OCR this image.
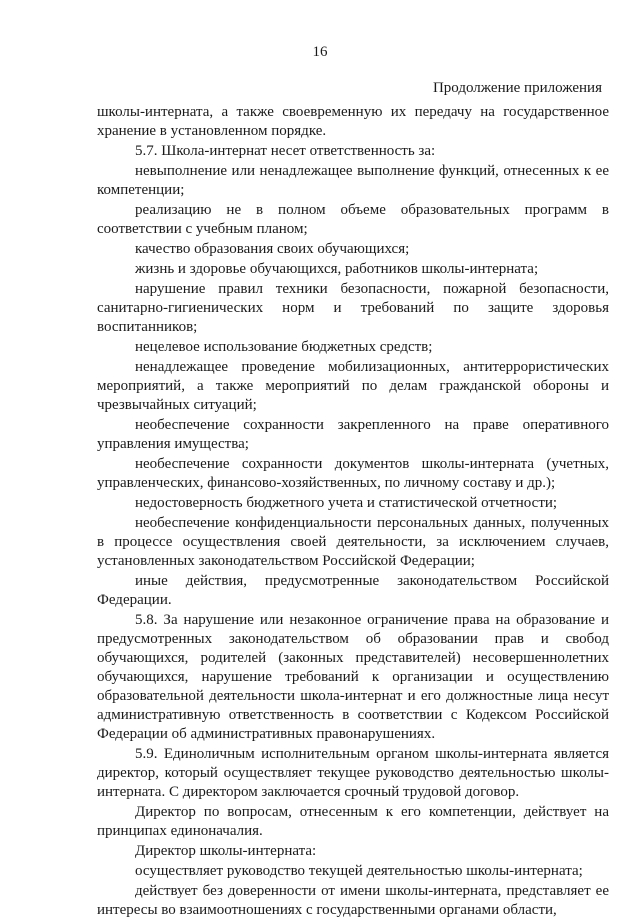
16
Продолжение приложения

школы-интерната, а также своевременную их передачу на государственное хранение в установленном порядке.

5.7. Школа-интернат несет ответственность за:

невыполнение или ненадлежащее выполнение функций, отнесенных к ее компетенции;

реализацию не в полном объеме образовательных программ в соответствии с учебным планом;

качество образования своих обучающихся;

жизнь и здоровье обучающихся, работников школы-интерната;

нарушение правил техники безопасности, пожарной безопасности, санитарно-гигиенических норм и требований по защите здоровья воспитанников;

нецелевое использование бюджетных средств;

ненадлежащее проведение мобилизационных, антитеррористических мероприятий, а также мероприятий по делам гражданской обороны и чрезвычайных ситуаций;

необеспечение сохранности закрепленного на праве оперативного управления имущества;

необеспечение сохранности документов школы-интерната (учетных, управленческих, финансово-хозяйственных, по личному составу и др.);

недостоверность бюджетного учета и статистической отчетности;

необеспечение конфиденциальности персональных данных, полученных в процессе осуществления своей деятельности, за исключением случаев, установленных законодательством Российской Федерации;

иные действия, предусмотренные законодательством Российской Федерации.

5.8. За нарушение или незаконное ограничение права на образование и предусмотренных законодательством об образовании прав и свобод обучающихся, родителей (законных представителей) несовершеннолетних обучающихся, нарушение требований к организации и осуществлению образовательной деятельности школа-интернат и его должностные лица несут административную ответственность в соответствии с Кодексом Российской Федерации об административных правонарушениях.

5.9. Единоличным исполнительным органом школы-интерната является директор, который осуществляет текущее руководство деятельностью школы-интерната. С директором заключается срочный трудовой договор.

Директор по вопросам, отнесенным к его компетенции, действует на принципах единоначалия.

Директор школы-интерната:

осуществляет руководство текущей деятельностью школы-интерната;

действует без доверенности от имени школы-интерната, представляет ее интересы во взаимоотношениях с государственными органами области,
